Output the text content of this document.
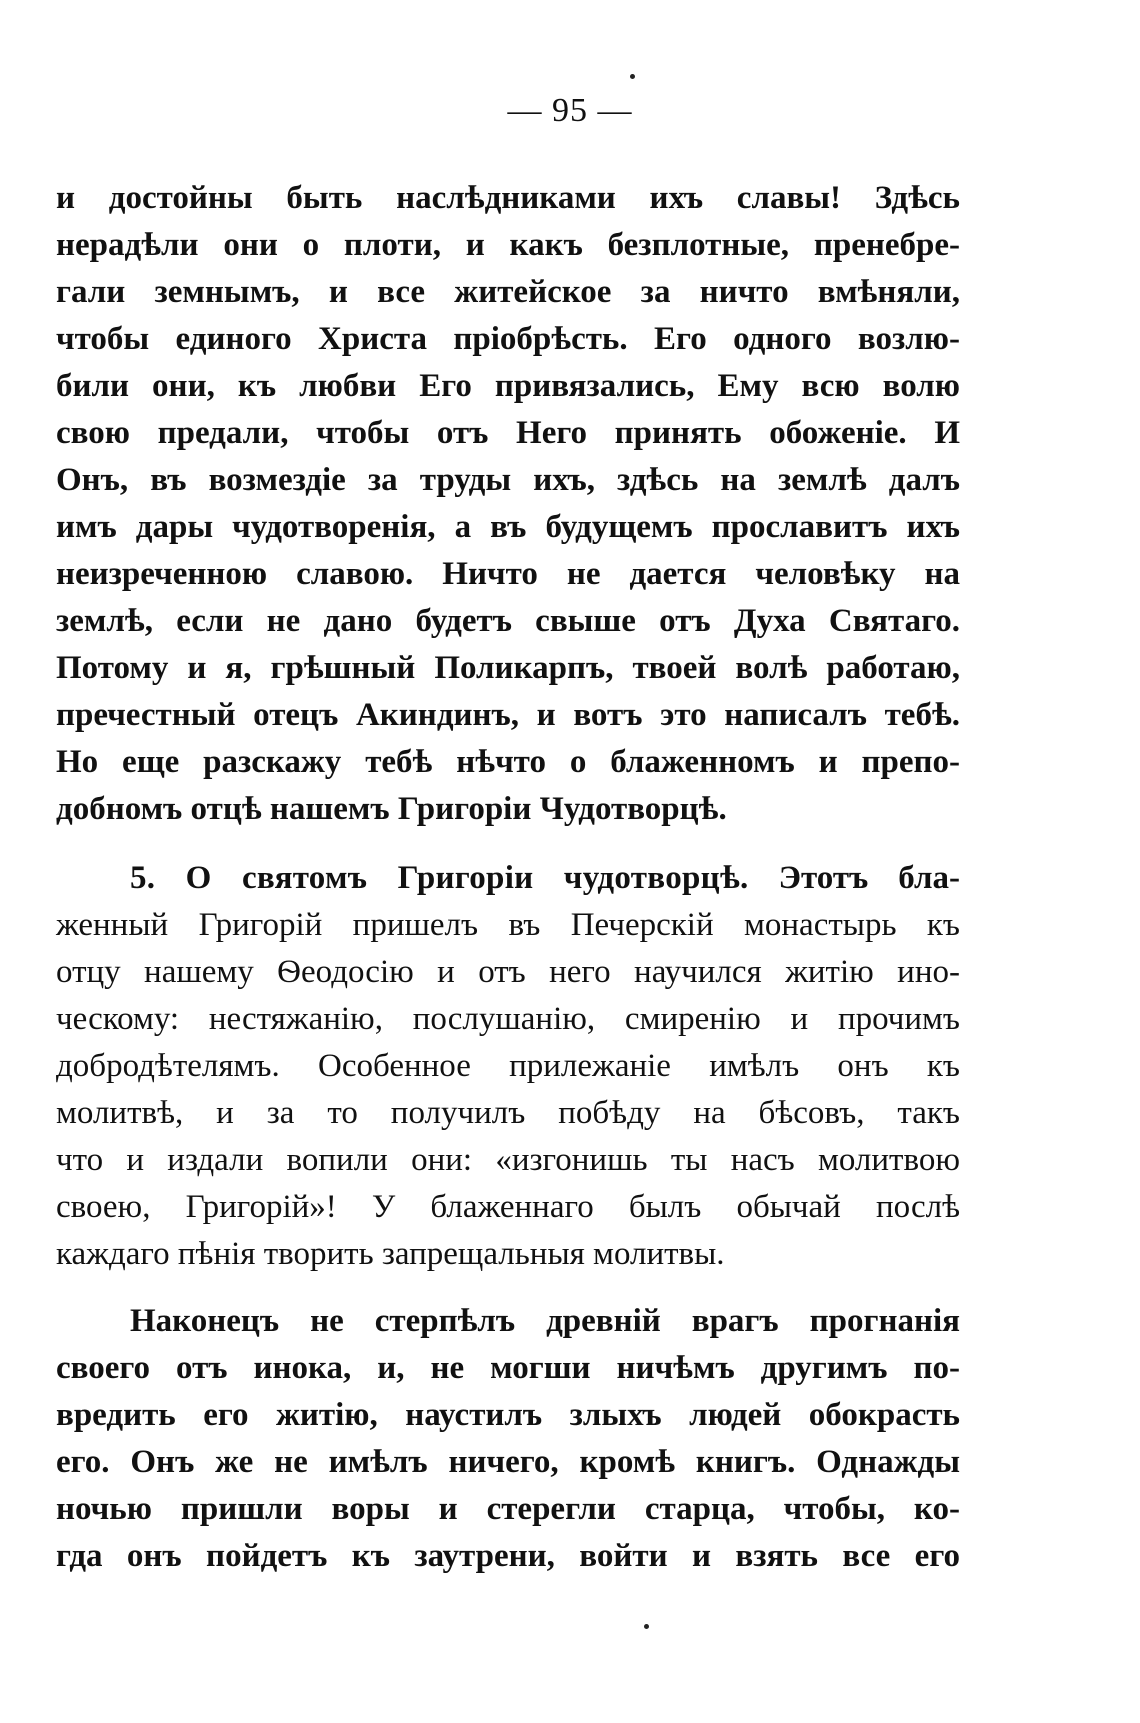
— 95 —
и достойны быть наслѣдниками ихъ славы! Здѣсь
нерадѣли они о плоти, и какъ безплотные, пренебре-
гали земнымъ, и все житейское за ничто вмѣняли,
чтобы единого Христа пріобрѣсть. Его одного возлю-
били они, къ любви Его привязались, Ему всю волю
свою предали, чтобы отъ Него принять обоженіе. И
Онъ, въ возмездіе за труды ихъ, здѣсь на землѣ далъ
имъ дары чудотворенія, а въ будущемъ прославитъ ихъ
неизреченною славою. Ничто не дается человѣку на
землѣ, если не дано будетъ свыше отъ Духа Святаго.
Потому и я, грѣшный Поликарпъ, твоей волѣ работаю,
пречестный отецъ Акиндинъ, и вотъ это написалъ тебѣ.
Но еще разскажу тебѣ нѣчто о блаженномъ и препо-
добномъ отцѣ нашемъ Григоріи Чудотворцѣ.
5. О святомъ Григоріи чудотворцѣ. Этотъ бла-
женный Григорій пришелъ въ Печерскій монастырь къ
отцу нашему Ѳеодосію и отъ него научился житію ино-
ческому: нестяжанію, послушанію, смиренію и прочимъ
добродѣтелямъ. Особенное прилежаніе имѣлъ онъ къ
молитвѣ, и за то получилъ побѣду на бѣсовъ, такъ
что и издали вопили они: «изгонишь ты насъ молитвою
своею, Григорій»! У блаженнаго былъ обычай послѣ
каждаго пѣнія творить запрещальныя молитвы.
Наконецъ не стерпѣлъ древній врагъ прогнанія
своего отъ инока, и, не могши ничѣмъ другимъ по-
вредить его житію, наустилъ злыхъ людей обокрасть
его. Онъ же не имѣлъ ничего, кромѣ книгъ. Однажды
ночью пришли воры и стерегли старца, чтобы, ко-
гда онъ пойдетъ къ заутрени, войти и взять все его
